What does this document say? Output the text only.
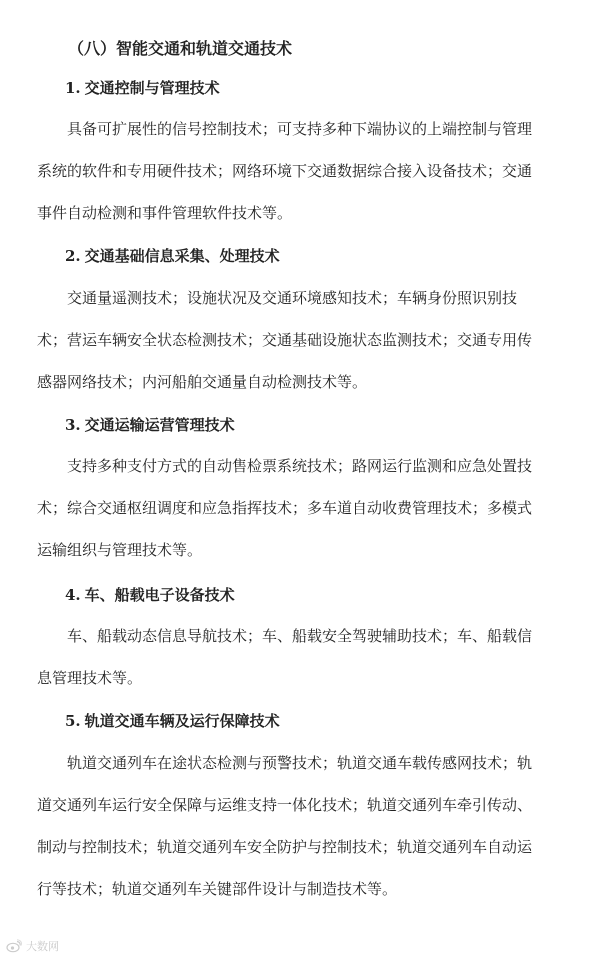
（八）智能交通和轨道交通技术
1. 交通控制与管理技术
具备可扩展性的信号控制技术；可支持多种下端协议的上端控制与管理
系统的软件和专用硬件技术；网络环境下交通数据综合接入设备技术；交通
事件自动检测和事件管理软件技术等。
2. 交通基础信息采集、处理技术
交通量遥测技术；设施状况及交通环境感知技术；车辆身份照识别技
术；营运车辆安全状态检测技术；交通基础设施状态监测技术；交通专用传
感器网络技术；内河船舶交通量自动检测技术等。
3. 交通运输运营管理技术
支持多种支付方式的自动售检票系统技术；路网运行监测和应急处置技
术；综合交通枢纽调度和应急指挥技术；多车道自动收费管理技术；多模式
运输组织与管理技术等。
4. 车、船载电子设备技术
车、船载动态信息导航技术；车、船载安全驾驶辅助技术；车、船载信
息管理技术等。
5. 轨道交通车辆及运行保障技术
轨道交通列车在途状态检测与预警技术；轨道交通车载传感网技术；轨
道交通列车运行安全保障与运维支持一体化技术；轨道交通列车牵引传动、
制动与控制技术；轨道交通列车安全防护与控制技术；轨道交通列车自动运
行等技术；轨道交通列车关键部件设计与制造技术等。
大数网
